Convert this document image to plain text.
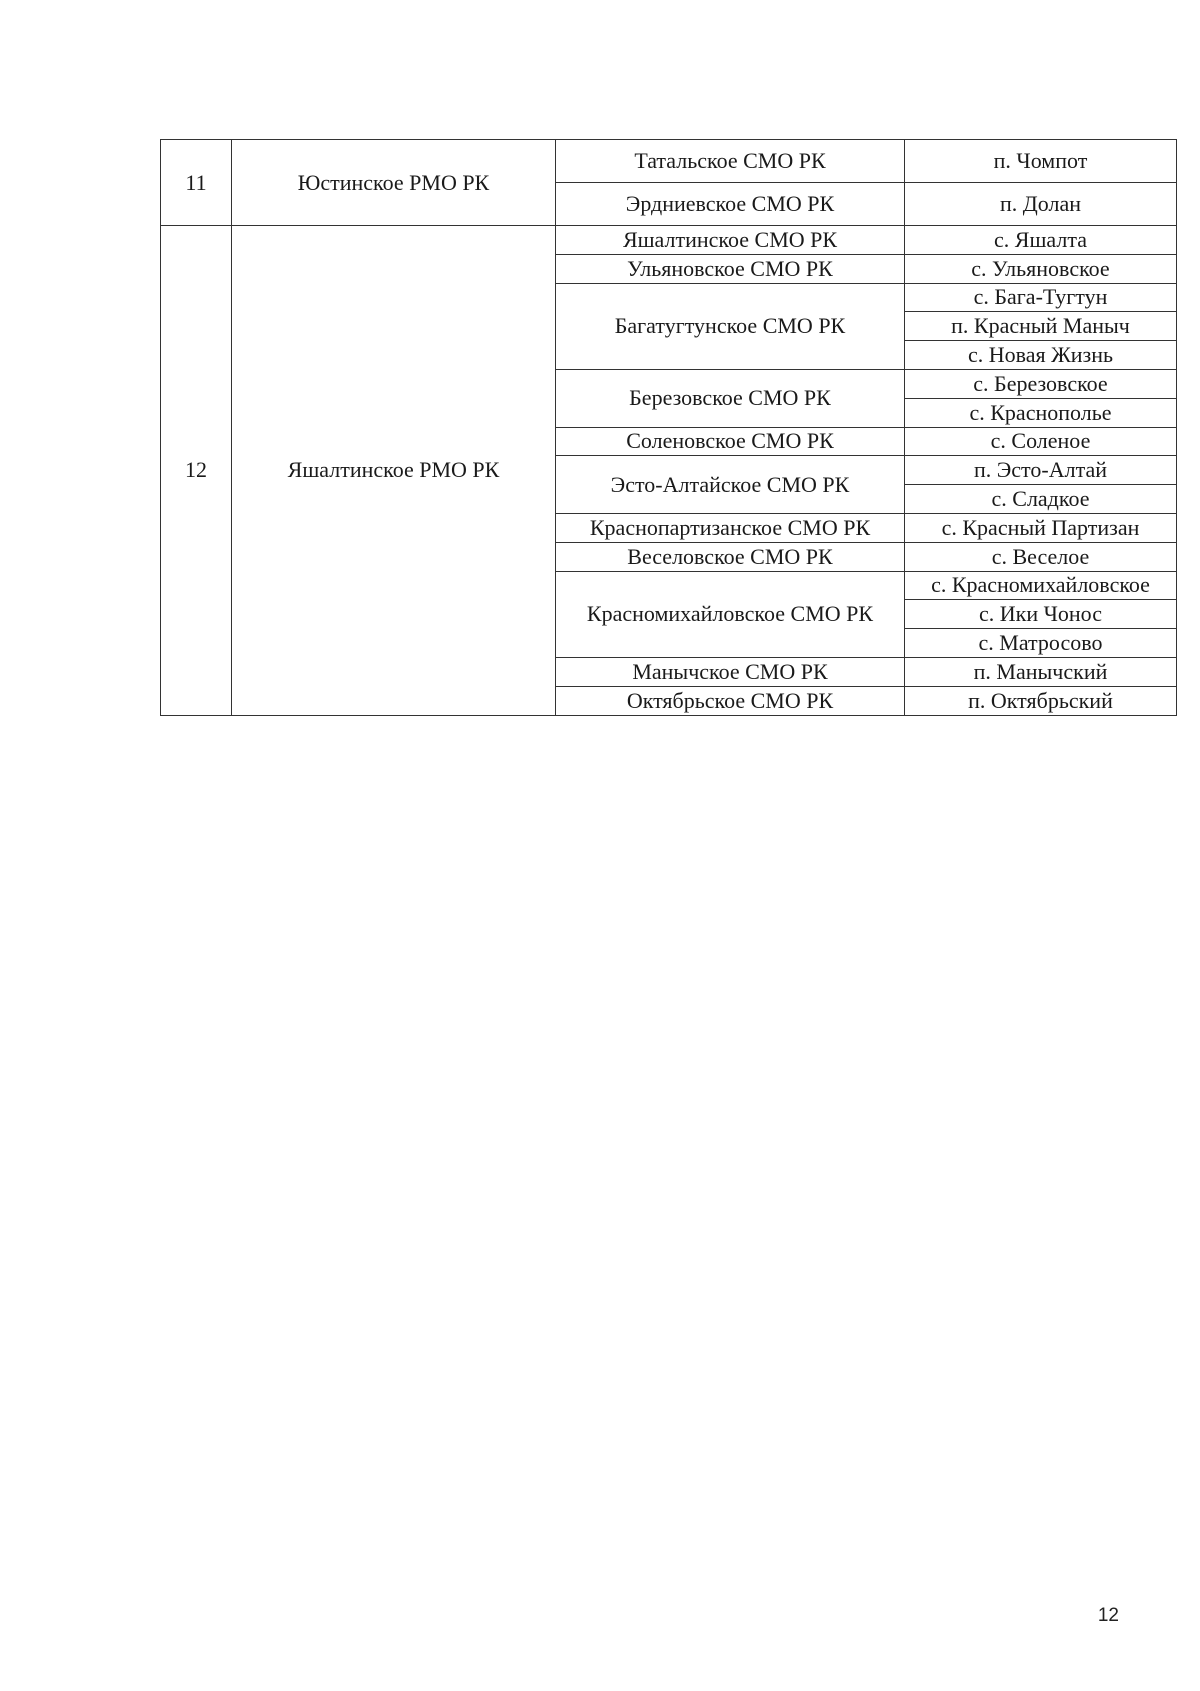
11	Юстинское РМО РК	Татальское СМО РК	п. Чомпот
		Эрдниевское СМО РК	п. Долан
12	Яшалтинское РМО РК	Яшалтинское СМО РК	с. Яшалта
		Ульяновское СМО РК	с. Ульяновское
		Багатугтунское СМО РК	с. Бага-Тугтун
			п. Красный Маныч
			с. Новая Жизнь
		Березовское СМО РК	с. Березовское
			с. Краснополье
		Соленовское СМО РК	с. Соленое
		Эсто-Алтайское СМО РК	п. Эсто-Алтай
			с. Сладкое
		Краснопартизанское СМО РК	с. Красный Партизан
		Веселовское СМО РК	с. Веселое
		Красномихайловское СМО РК	с. Красномихайловское
			с. Ики Чонос
			с. Матросово
		Манычское СМО РК	п. Манычский
		Октябрьское СМО РК	п. Октябрьский
12
